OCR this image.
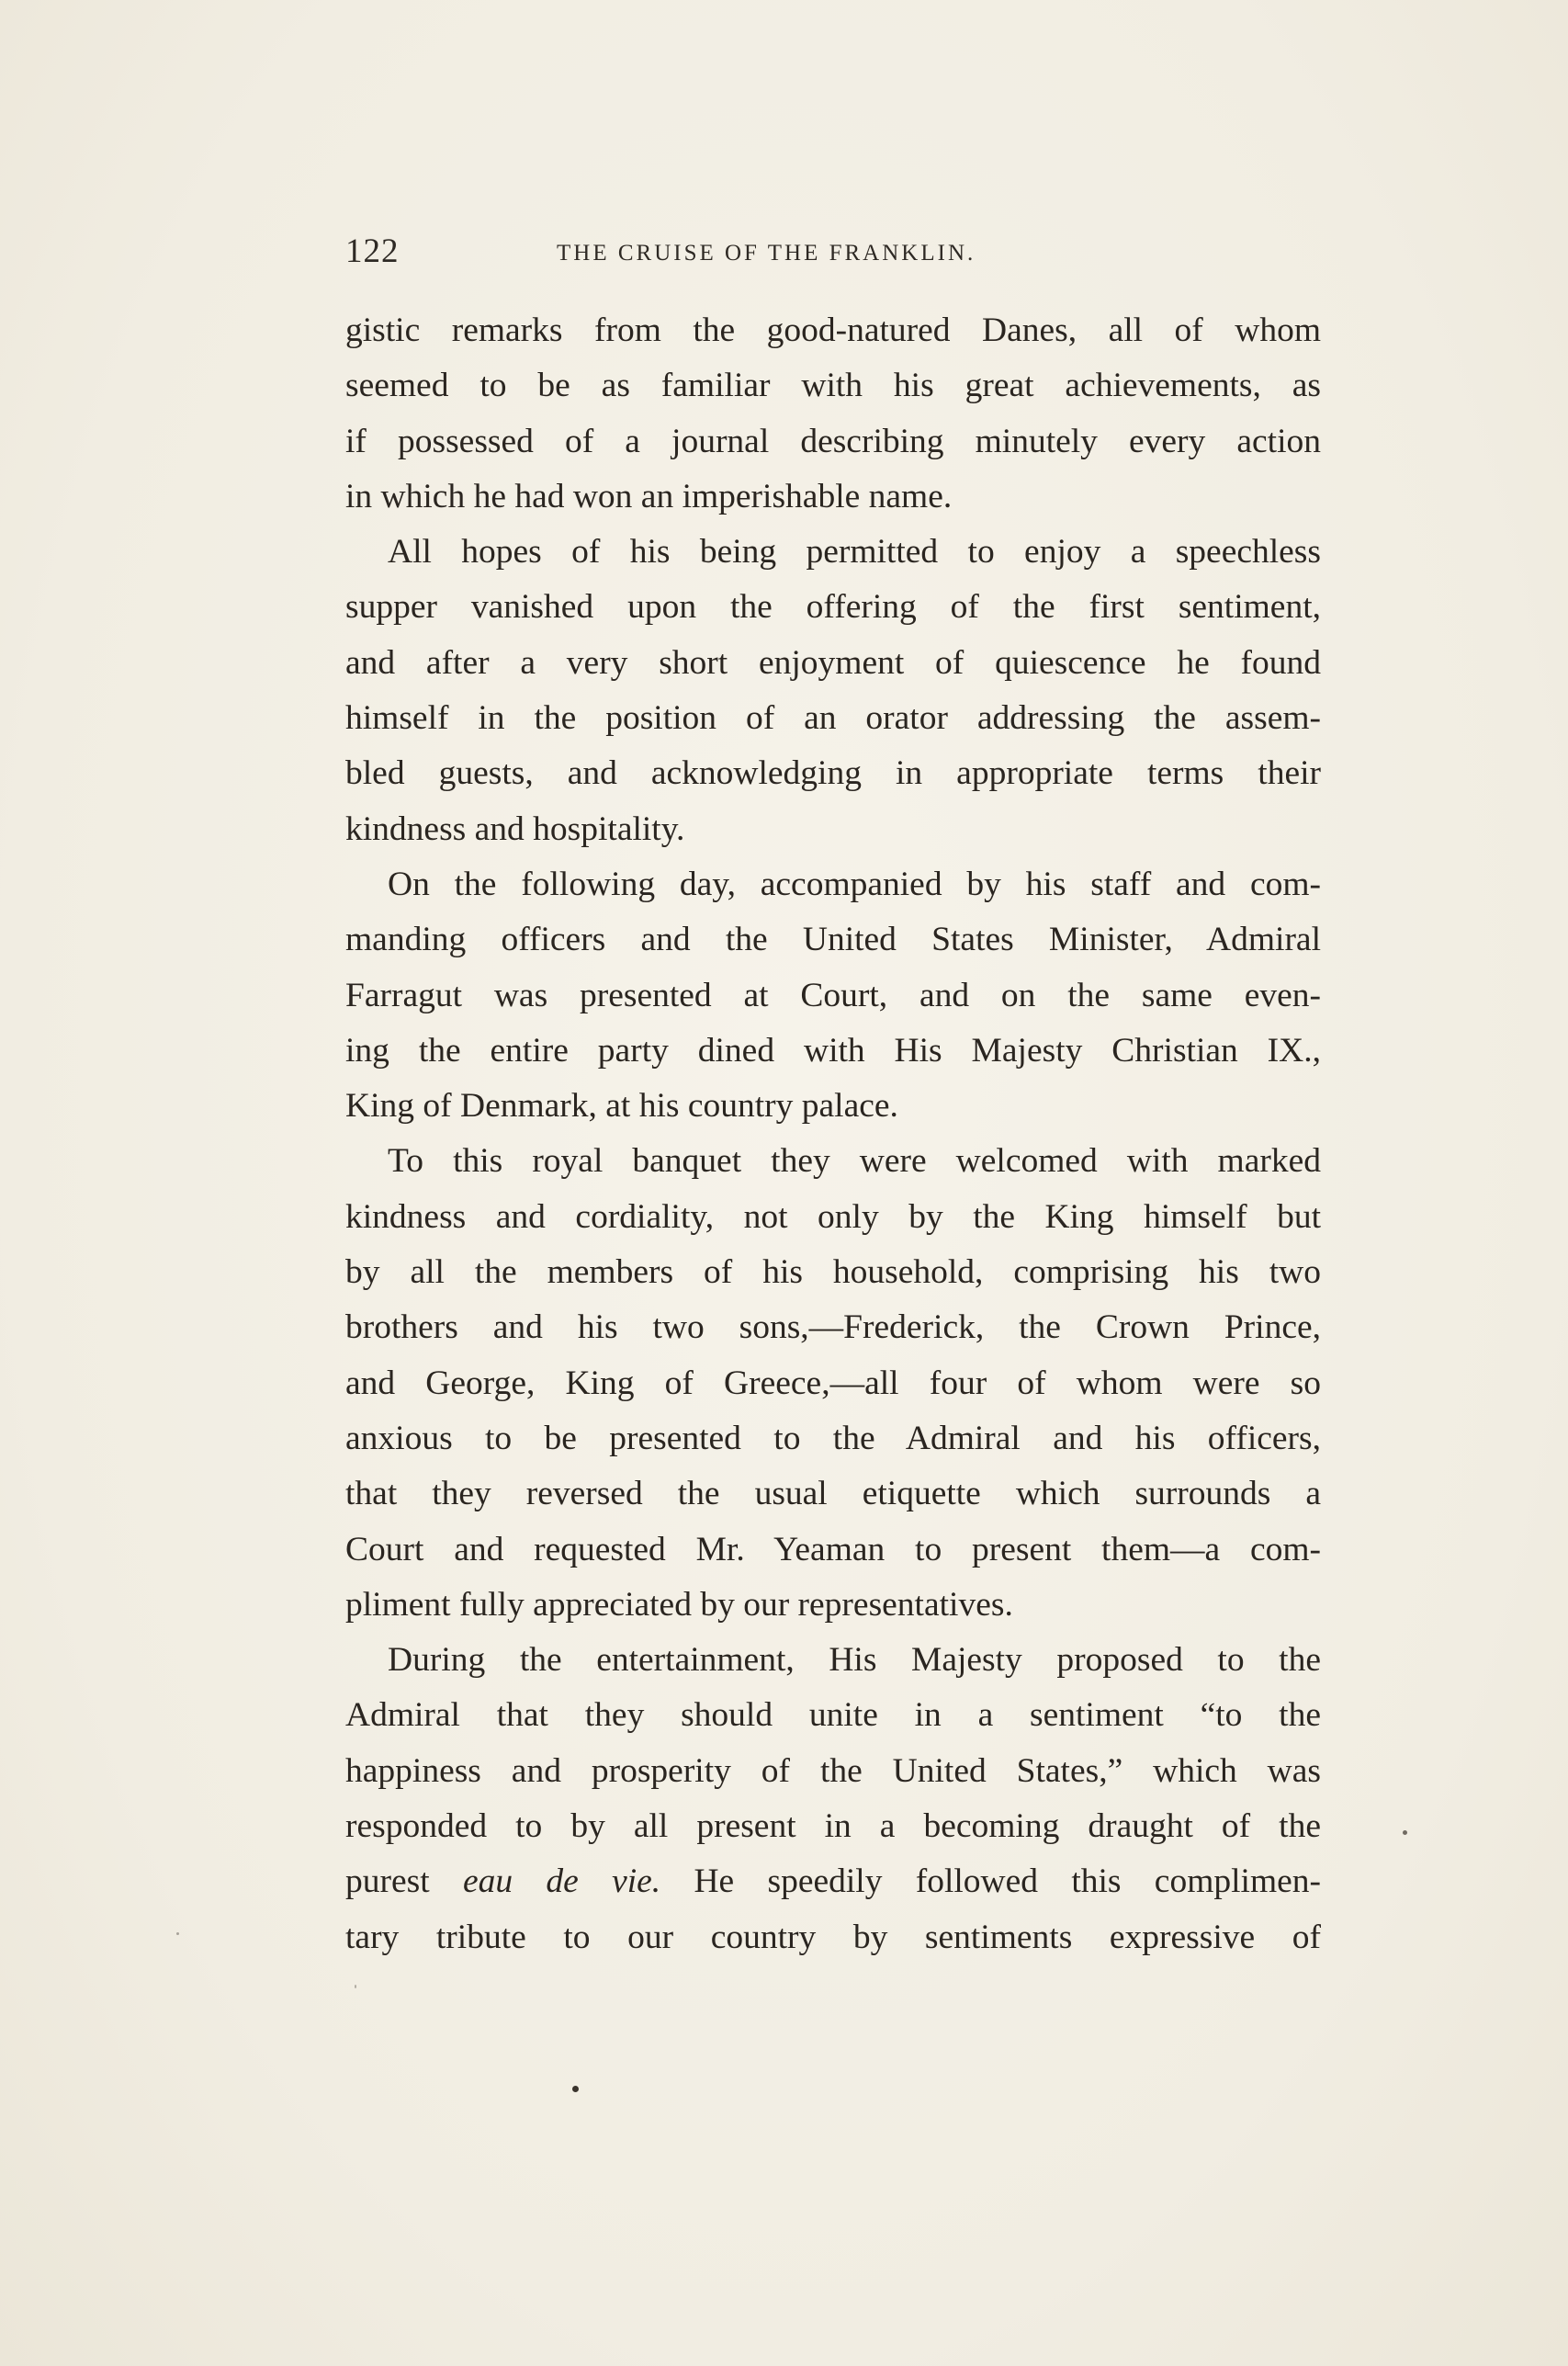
122	THE CRUISE OF THE FRANKLIN.
gistic remarks from the good-natured Danes, all of whom
seemed to be as familiar with his great achievements, as
if possessed of a journal describing minutely every action
in which he had won an imperishable name.
All hopes of his being permitted to enjoy a speechless
supper vanished upon the offering of the first sentiment,
and after a very short enjoyment of quiescence he found
himself in the position of an orator addressing the assem-
bled guests, and acknowledging in appropriate terms their
kindness and hospitality.
On the following day, accompanied by his staff and com-
manding officers and the United States Minister, Admiral
Farragut was presented at Court, and on the same even-
ing the entire party dined with His Majesty Christian IX.,
King of Denmark, at his country palace.
To this royal banquet they were welcomed with marked
kindness and cordiality, not only by the King himself but
by all the members of his household, comprising his two
brothers and his two sons,—Frederick, the Crown Prince,
and George, King of Greece,—all four of whom were so
anxious to be presented to the Admiral and his officers,
that they reversed the usual etiquette which surrounds a
Court and requested Mr. Yeaman to present them—a com-
pliment fully appreciated by our representatives.
During the entertainment, His Majesty proposed to the
Admiral that they should unite in a sentiment “to the
happiness and prosperity of the United States,” which was
responded to by all present in a becoming draught of the
purest eau de vie. He speedily followed this complimen-
tary tribute to our country by sentiments expressive of
